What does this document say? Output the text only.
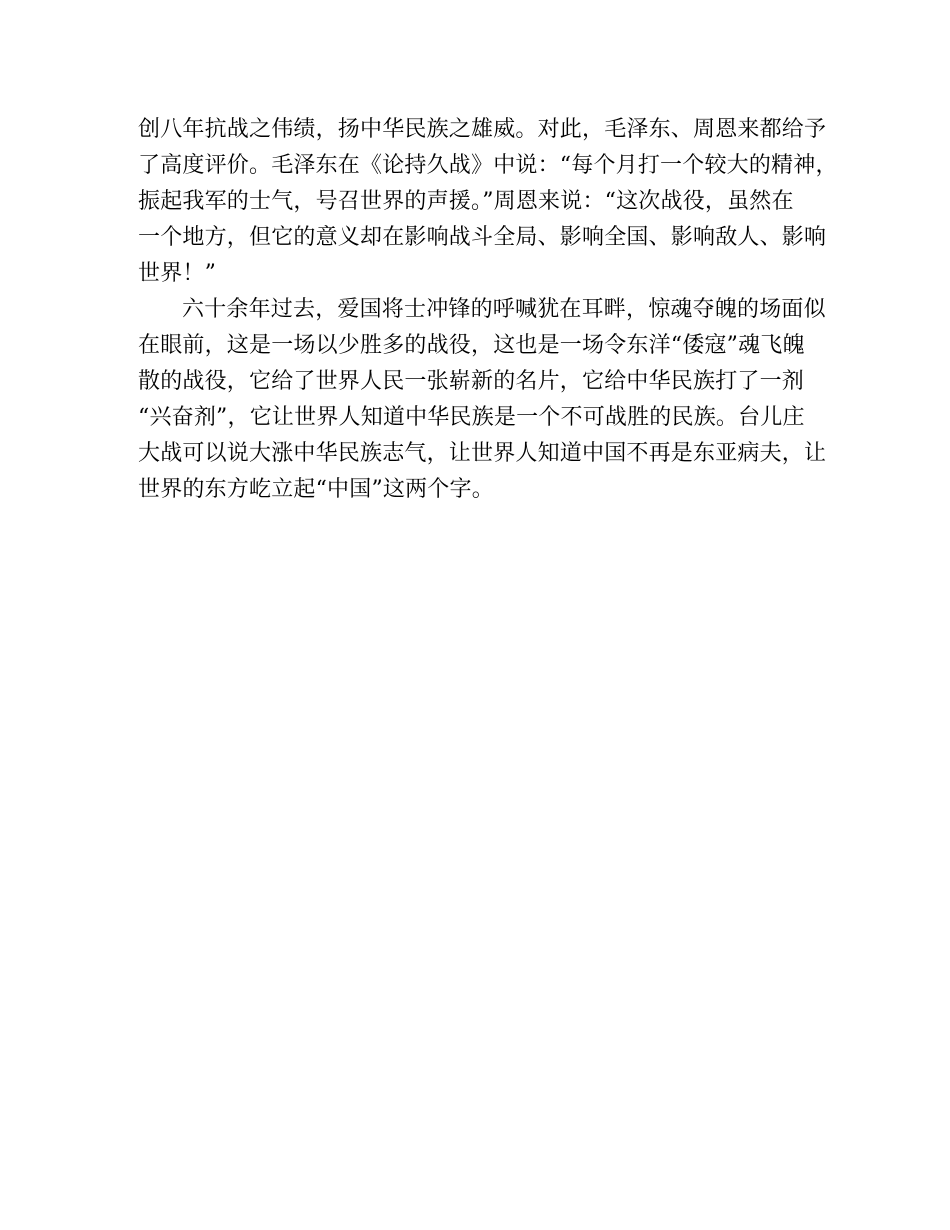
创八年抗战之伟绩，扬中华民族之雄威。对此，毛泽东、周恩来都给予
了高度评价。毛泽东在《论持久战》中说：“每个月打一个较大的精神，
振起我军的士气，号召世界的声援。”周恩来说：“这次战役，虽然在
一个地方，但它的意义却在影响战斗全局、影响全国、影响敌人、影响
世界！”
六十余年过去，爱国将士冲锋的呼喊犹在耳畔，惊魂夺魄的场面似
在眼前，这是一场以少胜多的战役，这也是一场令东洋“倭寇”魂飞魄
散的战役，它给了世界人民一张崭新的名片，它给中华民族打了一剂
“兴奋剂”，它让世界人知道中华民族是一个不可战胜的民族。台儿庄
大战可以说大涨中华民族志气，让世界人知道中国不再是东亚病夫，让
世界的东方屹立起“中国”这两个字。
